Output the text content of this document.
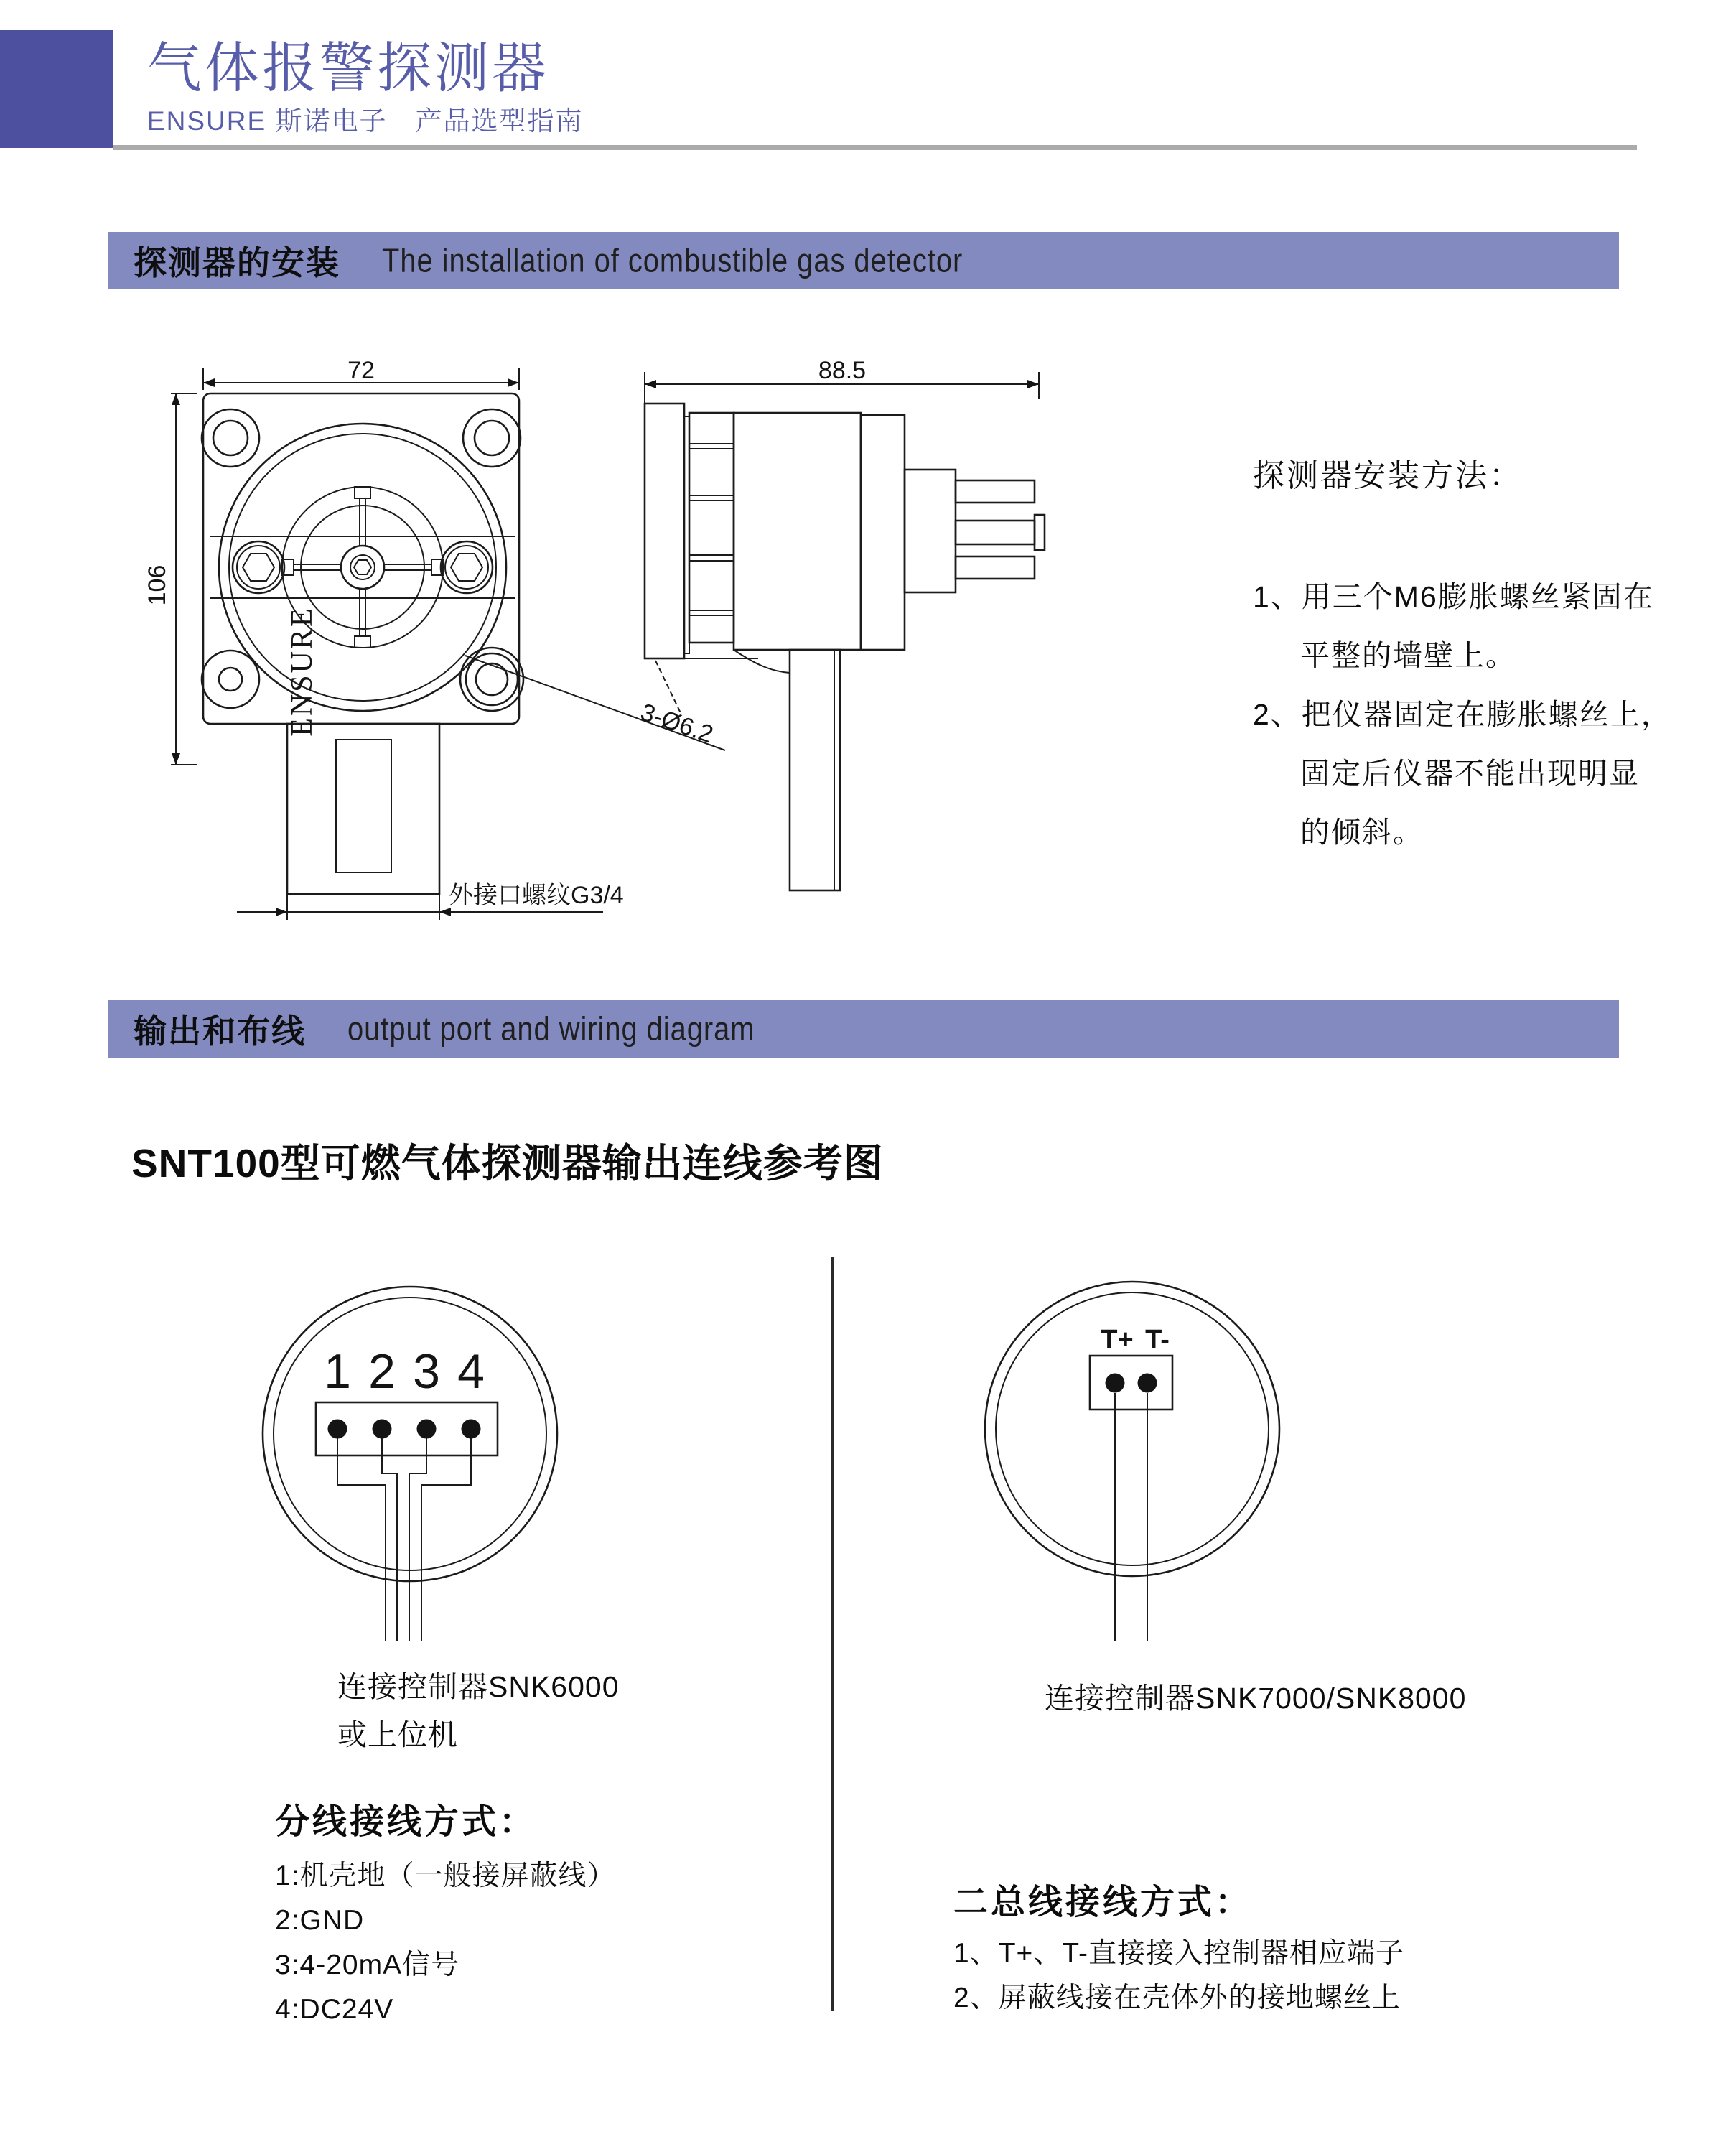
气体报警探测器
ENSURE 斯诺电子　产品选型指南
探测器的安装 The installation of combustible gas detector
72
106
ENSURE	3-Ø6.2
外接口螺纹G3/4
88.5
探测器安装方法：
1、用三个M6膨胀螺丝紧固在
平整的墙壁上。
2、把仪器固定在膨胀螺丝上，
固定后仪器不能出现明显
的倾斜。
输出和布线 output port and wiring diagram
SNT100型可燃气体探测器输出连线参考图
1 2 3 4
T+ T-
连接控制器SNK6000
或上位机
连接控制器SNK7000/SNK8000
分线接线方式：
1:机壳地（一般接屏蔽线）
2:GND
3:4-20mA信号
4:DC24V
二总线接线方式：
1、T+、T-直接接入控制器相应端子
2、屏蔽线接在壳体外的接地螺丝上
